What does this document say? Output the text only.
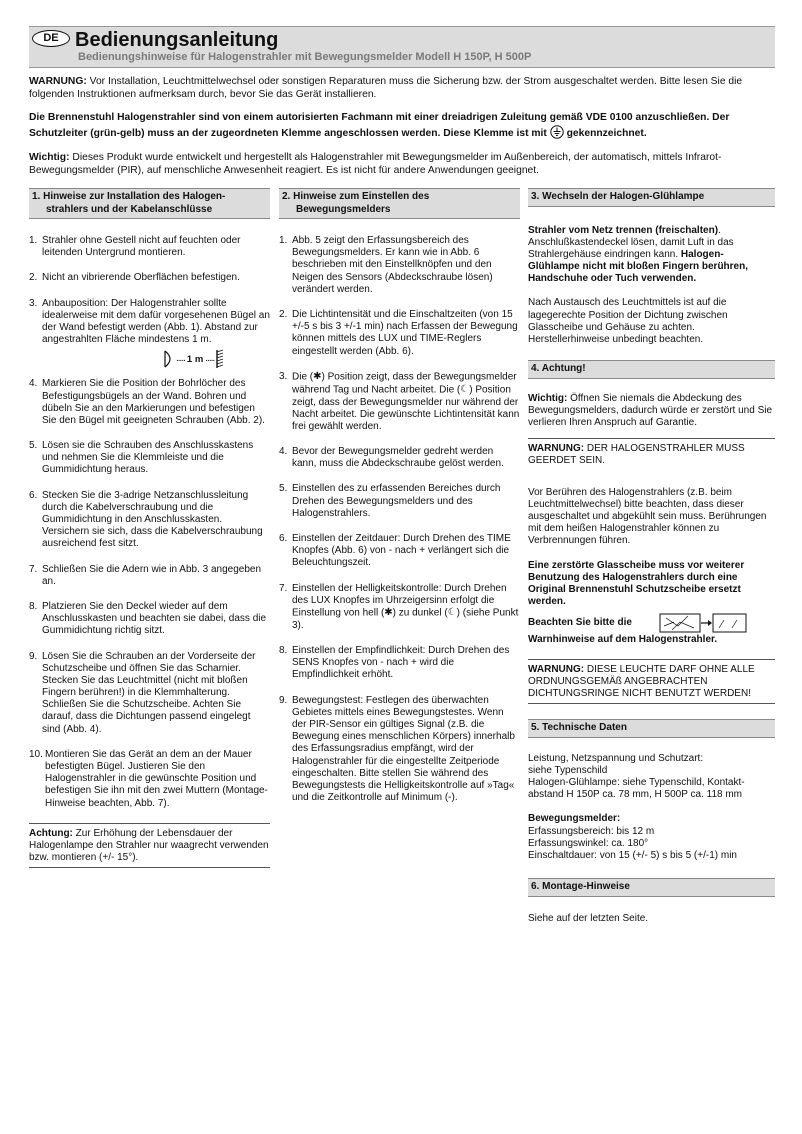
DE Bedienungsanleitung
Bedienungshinweise für Halogenstrahler mit Bewegungsmelder Modell H 150P, H 500P
WARNUNG: Vor Installation, Leuchtmittelwechsel oder sonstigen Reparaturen muss die Sicherung bzw. der Strom ausgeschaltet werden. Bitte lesen Sie die folgenden Instruktionen aufmerksam durch, bevor Sie das Gerät installieren.
Die Brennenstuhl Halogenstrahler sind von einem autorisierten Fachmann mit einer dreiadrigen Zuleitung gemäß VDE 0100 anzuschließen. Der Schutzleiter (grün-gelb) muss an der zugeordneten Klemme angeschlossen werden. Diese Klemme ist mit gekennzeichnet.
Wichtig: Dieses Produkt wurde entwickelt und hergestellt als Halogenstrahler mit Bewegungsmelder im Außenbereich, der automatisch, mittels Infrarot-Bewegungsmelder (PIR), auf menschliche Anwesenheit reagiert. Es ist nicht für andere Anwendungen geeignet.
1. Hinweise zur Installation des Halogen-
strahlers und der Kabelanschlüsse
1. Strahler ohne Gestell nicht auf feuchten oder leitenden Untergrund montieren.
2. Nicht an vibrierende Oberflächen befestigen.
3. Anbauposition: Der Halogenstrahler sollte idealerweise mit dem dafür vorgesehenen Bügel an der Wand befestigt werden (Abb. 1). Abstand zur angestrahlten Fläche mindestens 1 m.
..... 1 m .....
4. Markieren Sie die Position der Bohrlöcher des Befestigungsbügels an der Wand. Bohren und dübeln Sie an den Markierungen und befestigen Sie den Bügel mit geeigneten Schrauben (Abb. 2).
5. Lösen sie die Schrauben des Anschlusskastens und nehmen Sie die Klemmleiste und die Gummidichtung heraus.
6. Stecken Sie die 3-adrige Netzanschlussleitung durch die Kabelverschraubung und die Gummidichtung in den Anschlusskasten. Versichern sie sich, dass die Kabelverschraubung ausreichend fest sitzt.
7. Schließen Sie die Adern wie in Abb. 3 angegeben an.
8. Platzieren Sie den Deckel wieder auf dem Anschlusskasten und beachten sie dabei, dass die Gummidichtung richtig sitzt.
9. Lösen Sie die Schrauben an der Vorderseite der Schutzscheibe und öffnen Sie das Scharnier. Stecken Sie das Leuchtmittel (nicht mit bloßen Fingern berühren!) in die Klemmhalterung. Schließen Sie die Schutzscheibe. Achten Sie darauf, dass die Dichtungen passend eingelegt sind (Abb. 4).
10. Montieren Sie das Gerät an dem an der Mauer befestigten Bügel. Justieren Sie den Halogenstrahler in die gewünschte Position und befestigen Sie ihn mit den zwei Muttern (Montage-Hinweise beachten, Abb. 7).
Achtung: Zur Erhöhung der Lebensdauer der Halogenlampe den Strahler nur waagrecht verwenden bzw. montieren (+/- 15°).
2. Hinweise zum Einstellen des
Bewegungsmelders
1. Abb. 5 zeigt den Erfassungsbereich des Bewegungsmelders. Er kann wie in Abb. 6 beschrieben mit den Einstellknöpfen und den Neigen des Sensors (Abdeckschraube lösen) verändert werden.
2. Die Lichtintensität und die Einschaltzeiten (von 15 +/-5 s bis 3 +/-1 min) nach Erfassen der Bewegung können mittels des LUX und TIME-Reglers eingestellt werden (Abb. 6).
3. Die (✱) Position zeigt, dass der Bewegungsmelder während Tag und Nacht arbeitet. Die (☾) Position zeigt, dass der Bewegungsmelder nur während der Nacht arbeitet. Die gewünschte Lichtintensität kann frei gewählt werden.
4. Bevor der Bewegungsmelder gedreht werden kann, muss die Abdeckschraube gelöst werden.
5. Einstellen des zu erfassenden Bereiches durch Drehen des Bewegungsmelders und des Halogenstrahlers.
6. Einstellen der Zeitdauer: Durch Drehen des TIME Knopfes (Abb. 6) von - nach + verlängert sich die Beleuchtungszeit.
7. Einstellen der Helligkeitskontrolle: Durch Drehen des LUX Knopfes im Uhrzeigersinn erfolgt die Einstellung von hell (✱) zu dunkel (☾) (siehe Punkt 3).
8. Einstellen der Empfindlichkeit: Durch Drehen des SENS Knopfes von - nach + wird die Empfindlichkeit erhöht.
9. Bewegungstest: Festlegen des überwachten Gebietes mittels eines Bewegungstestes. Wenn der PIR-Sensor ein gültiges Signal (z.B. die Bewegung eines menschlichen Körpers) innerhalb des Erfassungsradius empfängt, wird der Halogenstrahler für die eingestellte Zeitperiode eingeschalten. Bitte stellen Sie während des Bewegungstests die Helligkeitskontrolle auf »Tag« und die Zeitkontrolle auf Minimum (-).
3. Wechseln der Halogen-Glühlampe
Strahler vom Netz trennen (freischalten). Anschlußkastendeckel lösen, damit Luft in das Strahlergehäuse eindringen kann. Halogen-Glühlampe nicht mit bloßen Fingern berühren, Handschuhe oder Tuch verwenden.
Nach Austausch des Leuchtmittels ist auf die lagegerechte Position der Dichtung zwischen Glasscheibe und Gehäuse zu achten. Herstellerhinweise unbedingt beachten.
4. Achtung!
Wichtig: Öffnen Sie niemals die Abdeckung des Bewegungsmelders, dadurch würde er zerstört und Sie verlieren Ihren Anspruch auf Garantie.
WARNUNG: DER HALOGENSTRAHLER MUSS GEERDET SEIN.
Vor Berühren des Halogenstrahlers (z.B. beim Leuchtmittelwechsel) bitte beachten, dass dieser ausgeschaltet und abgekühlt sein muss. Berührungen mit dem heißen Halogenstrahler können zu Verbrennungen führen.
Eine zerstörte Glasscheibe muss vor weiterer Benutzung des Halogenstrahlers durch eine Original Brennenstuhl Schutzscheibe ersetzt werden.
Beachten Sie bitte die
Warnhinweise auf dem Halogenstrahler.
WARNUNG: DIESE LEUCHTE DARF OHNE ALLE ORDNUNGSGEMÄß ANGEBRACHTEN DICHTUNGSRINGE NICHT BENUTZT WERDEN!
5. Technische Daten
Leistung, Netzspannung und Schutzart:
siehe Typenschild
Halogen-Glühlampe: siehe Typenschild, Kontakt-
abstand H 150P ca. 78 mm, H 500P ca. 118 mm
Bewegungsmelder:
Erfassungsbereich: bis 12 m
Erfassungswinkel: ca. 180°
Einschaltdauer: von 15 (+/- 5) s bis 5 (+/-1) min
6. Montage-Hinweise
Siehe auf der letzten Seite.
